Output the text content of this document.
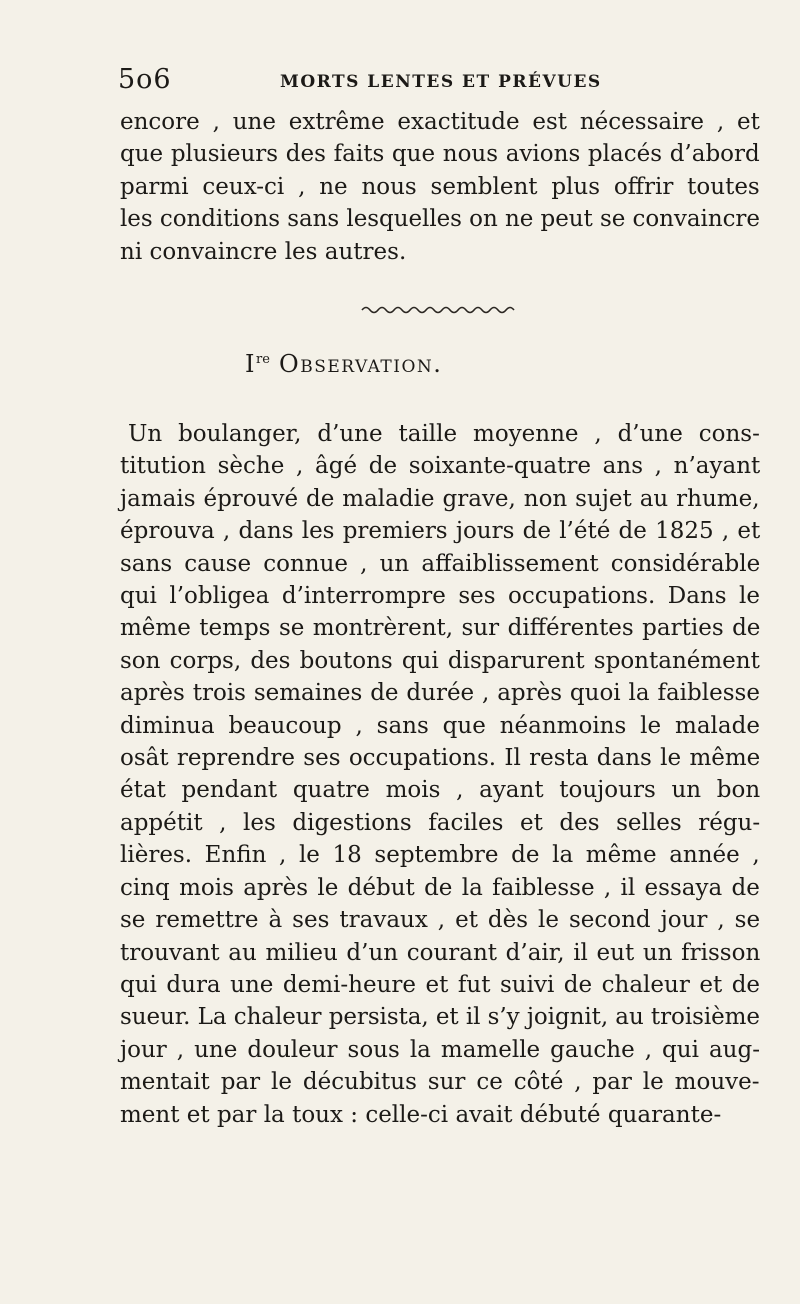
5o6	MORTS LENTES ET PRÉVUES

encore , une extrême exactitude est nécessaire , et
que plusieurs des faits que nous avions placés d’abord
parmi ceux-ci , ne nous semblent plus offrir toutes
les conditions sans lesquelles on ne peut se convaincre
ni convaincre les autres.

Ire Observation.

Un boulanger, d’une taille moyenne , d’une cons-
titution sèche , âgé de soixante-quatre ans , n’ayant
jamais éprouvé de maladie grave, non sujet au rhume,
éprouva , dans les premiers jours de l’été de 1825 , et
sans cause connue , un affaiblissement considérable
qui l’obligea d’interrompre ses occupations. Dans le
même temps se montrèrent, sur différentes parties de
son corps, des boutons qui disparurent spontanément
après trois semaines de durée , après quoi la faiblesse
diminua beaucoup , sans que néanmoins le malade
osât reprendre ses occupations. Il resta dans le même
état pendant quatre mois , ayant toujours un bon
appétit , les digestions faciles et des selles régu-
lières. Enfin , le 18 septembre de la même année ,
cinq mois après le début de la faiblesse , il essaya de
se remettre à ses travaux , et dès le second jour , se
trouvant au milieu d’un courant d’air, il eut un frisson
qui dura une demi-heure et fut suivi de chaleur et de
sueur. La chaleur persista, et il s’y joignit, au troisième
jour , une douleur sous la mamelle gauche , qui aug-
mentait par le décubitus sur ce côté , par le mouve-
ment et par la toux : celle-ci avait débuté quarante-
